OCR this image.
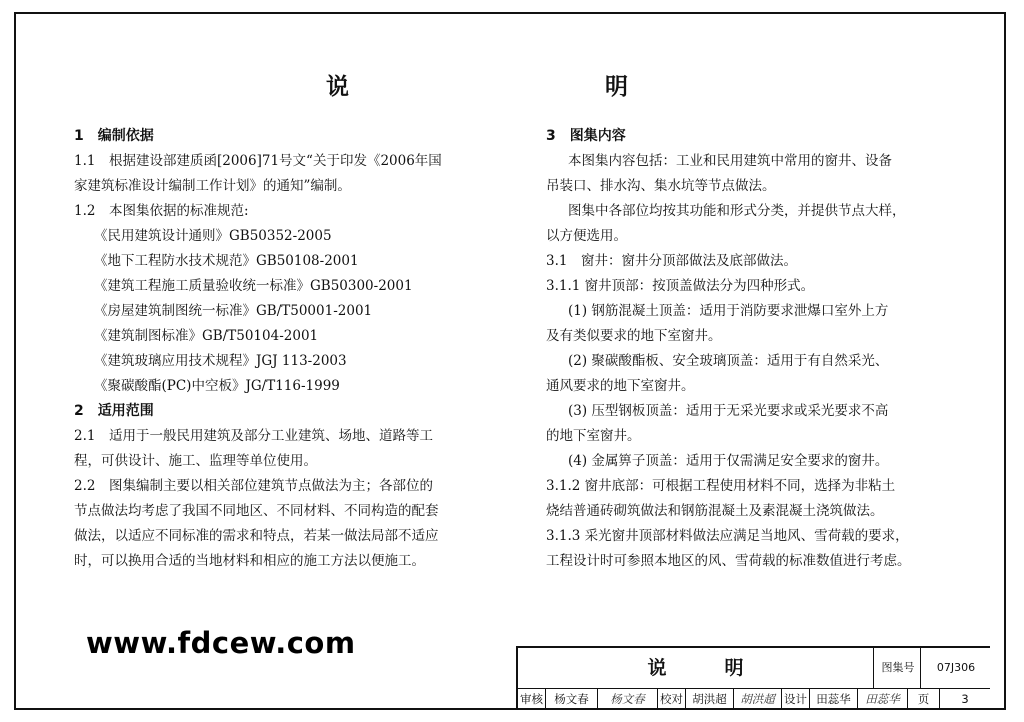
说　　明

1　编制依据

1.1　根据建设部建质函[2006]71号文“关于印发《2006年国

家建筑标准设计编制工作计划》的通知”编制。

1.2　本图集依据的标准规范:

《民用建筑设计通则》GB50352-2005

《地下工程防水技术规范》GB50108-2001

《建筑工程施工质量验收统一标准》GB50300-2001

《房屋建筑制图统一标准》GB/T50001-2001

《建筑制图标准》GB/T50104-2001

《建筑玻璃应用技术规程》JGJ 113-2003

《聚碳酸酯(PC)中空板》JG/T116-1999

2　适用范围

2.1　适用于一般民用建筑及部分工业建筑、场地、道路等工

程，可供设计、施工、监理等单位使用。

2.2　图集编制主要以相关部位建筑节点做法为主；各部位的

节点做法均考虑了我国不同地区、不同材料、不同构造的配套

做法，以适应不同标准的需求和特点，若某一做法局部不适应

时，可以换用合适的当地材料和相应的施工方法以便施工。

3　图集内容

本图集内容包括：工业和民用建筑中常用的窗井、设备

吊装口、排水沟、集水坑等节点做法。

图集中各部位均按其功能和形式分类，并提供节点大样，

以方便选用。

3.1　窗井：窗井分顶部做法及底部做法。

3.1.1 窗井顶部：按顶盖做法分为四种形式。

(1) 钢筋混凝土顶盖：适用于消防要求泄爆口室外上方

及有类似要求的地下室窗井。

(2) 聚碳酸酯板、安全玻璃顶盖：适用于有自然采光、

通风要求的地下室窗井。

(3) 压型钢板顶盖：适用于无采光要求或采光要求不高

的地下室窗井。

(4) 金属箅子顶盖：适用于仅需满足安全要求的窗井。

3.1.2 窗井底部：可根据工程使用材料不同，选择为非粘土

烧结普通砖砌筑做法和钢筋混凝土及素混凝土浇筑做法。

3.1.3 采光窗井顶部材料做法应满足当地风、雪荷载的要求，

工程设计时可参照本地区的风、雪荷载的标准数值进行考虑。

www.fdcew.com
说明	图集号	07J306
审核 杨文春	杨文春	校对 胡洪超	胡洪超 设计 田蕊华	田蕊华	页	3
